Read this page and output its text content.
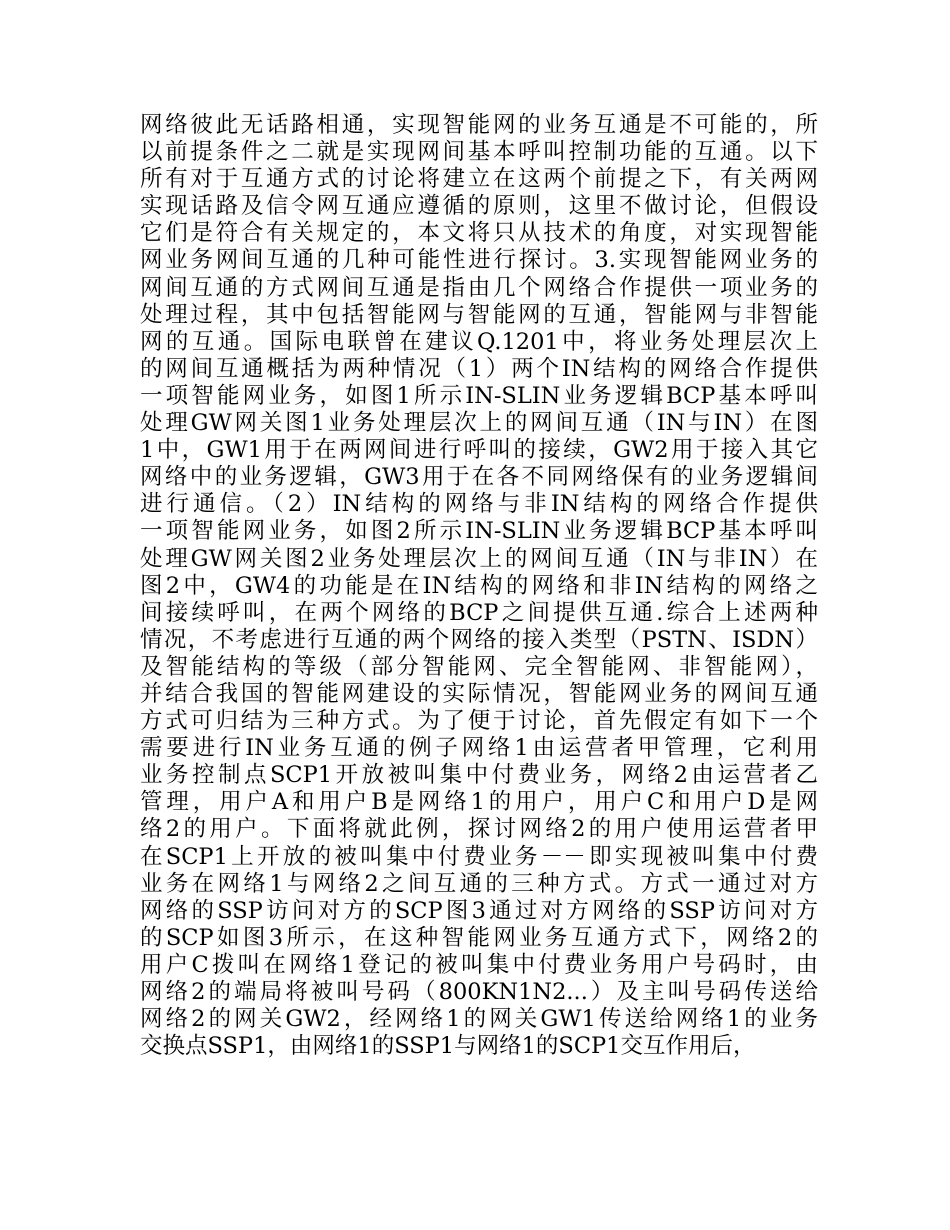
网络彼此无话路相通，实现智能网的业务互通是不可能的，所
以前提条件之二就是实现网间基本呼叫控制功能的互通。以下
所有对于互通方式的讨论将建立在这两个前提之下，有关两网
实现话路及信令网互通应遵循的原则，这里不做讨论，但假设
它们是符合有关规定的，本文将只从技术的角度，对实现智能
网业务网间互通的几种可能性进行探讨。3.实现智能网业务的
网间互通的方式网间互通是指由几个网络合作提供一项业务的
处理过程，其中包括智能网与智能网的互通，智能网与非智能
网的互通。国际电联曾在建议Q.1201中，将业务处理层次上
的网间互通概括为两种情况（1）两个IN结构的网络合作提供
一项智能网业务，如图1所示IN-SLIN业务逻辑BCP基本呼叫
处理GW网关图1业务处理层次上的网间互通（IN与IN）在图
1中，GW1用于在两网间进行呼叫的接续，GW2用于接入其它
网络中的业务逻辑，GW3用于在各不同网络保有的业务逻辑间
进行通信。（2）IN结构的网络与非IN结构的网络合作提供
一项智能网业务，如图2所示IN-SLIN业务逻辑BCP基本呼叫
处理GW网关图2业务处理层次上的网间互通（IN与非IN）在
图2中，GW4的功能是在IN结构的网络和非IN结构的网络之
间接续呼叫，在两个网络的BCP之间提供互通.综合上述两种
情况，不考虑进行互通的两个网络的接入类型（PSTN、ISDN）
及智能结构的等级（部分智能网、完全智能网、非智能网），
并结合我国的智能网建设的实际情况，智能网业务的网间互通
方式可归结为三种方式。为了便于讨论，首先假定有如下一个
需要进行IN业务互通的例子网络1由运营者甲管理，它利用
业务控制点SCP1开放被叫集中付费业务，网络2由运营者乙
管理，用户A和用户B是网络1的用户，用户C和用户D是网
络2的用户。下面将就此例，探讨网络2的用户使用运营者甲
在SCP1上开放的被叫集中付费业务－－即实现被叫集中付费
业务在网络1与网络2之间互通的三种方式。方式一通过对方
网络的SSP访问对方的SCP图3通过对方网络的SSP访问对方
的SCP如图3所示，在这种智能网业务互通方式下，网络2的
用户C拨叫在网络1登记的被叫集中付费业务用户号码时，由
网络2的端局将被叫号码（800KN1N2...）及主叫号码传送给
网络2的网关GW2，经网络1的网关GW1传送给网络1的业务
交换点SSP1，由网络1的SSP1与网络1的SCP1交互作用后，
